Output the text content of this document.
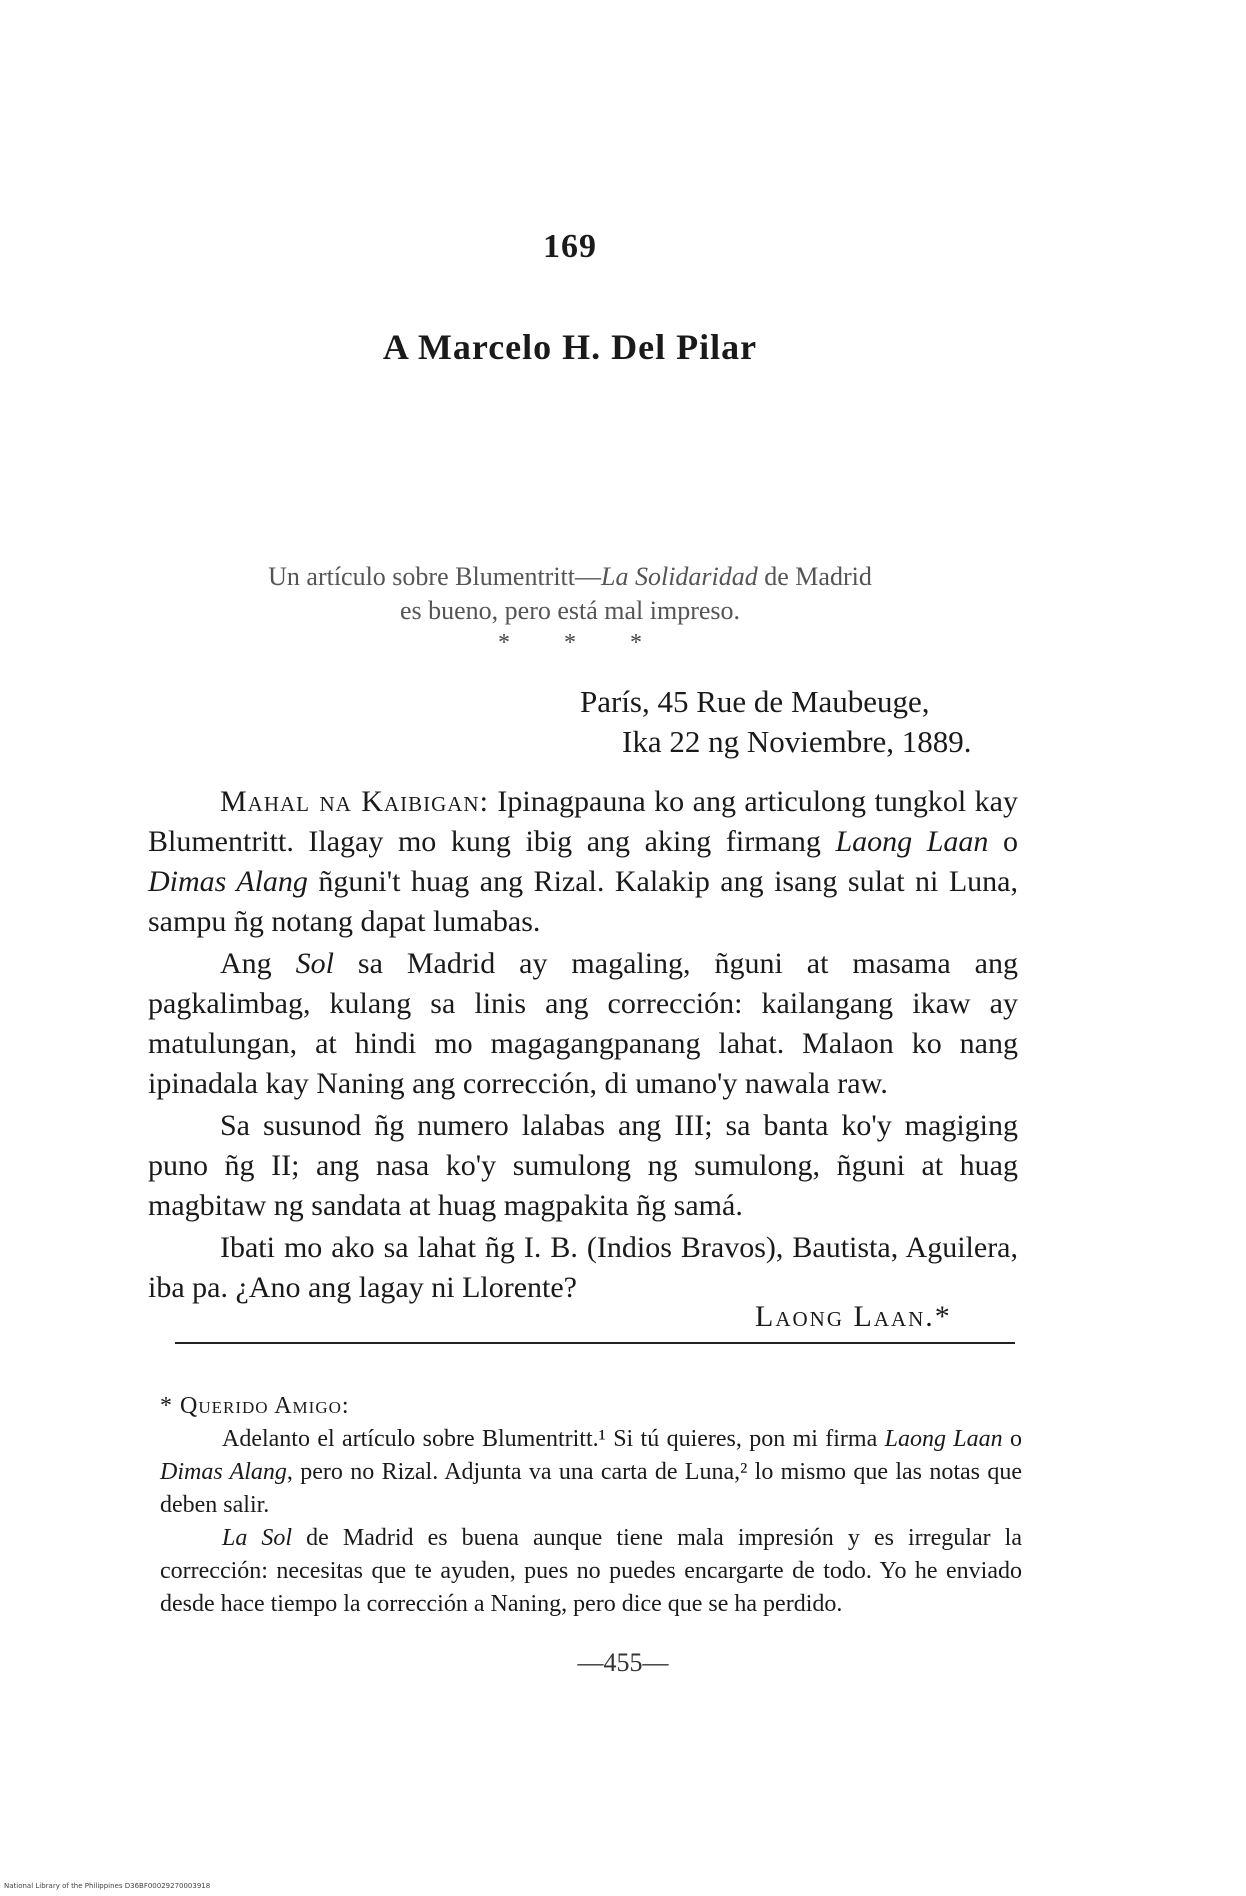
169
A Marcelo H. Del Pilar
Un artículo sobre Blumentritt—La Solidaridad de Madrid
es bueno, pero está mal impreso.
* * *
París, 45 Rue de Maubeuge,
Ika 22 ng Noviembre, 1889.

Mahal na Kaibigan: Ipinagpauna ko ang articulong tungkol kay Blumentritt. Ilagay mo kung ibig ang aking firmang Laong Laan o Dimas Alang ñguni't huag ang Rizal. Kalakip ang isang sulat ni Luna, sampu ñg notang dapat lumabas.

Ang Sol sa Madrid ay magaling, ñguni at masama ang pagkalimbag, kulang sa linis ang corrección: kailangang ikaw ay matulungan, at hindi mo magagangpanang lahat. Malaon ko nang ipinadala kay Naning ang corrección, di umano'y nawala raw.

Sa susunod ñg numero lalabas ang III; sa banta ko'y magiging puno ñg II; ang nasa ko'y sumulong ng sumulong, ñguni at huag magbitaw ng sandata at huag magpakita ñg samá.

Ibati mo ako sa lahat ñg I. B. (Indios Bravos), Bautista, Aguilera, iba pa. ¿Ano ang lagay ni Llorente?

Laong Laan.*

* Querido Amigo:

Adelanto el artículo sobre Blumentritt.¹ Si tú quieres, pon mi firma Laong Laan o Dimas Alang, pero no Rizal. Adjunta va una carta de Luna,² lo mismo que las notas que deben salir.

La Sol de Madrid es buena aunque tiene mala impresión y es irregular la corrección: necesitas que te ayuden, pues no puedes encargarte de todo. Yo he enviado desde hace tiempo la corrección a Naning, pero dice que se ha perdido.

—455—
National Library of the Philippines D36BF00029270003918
